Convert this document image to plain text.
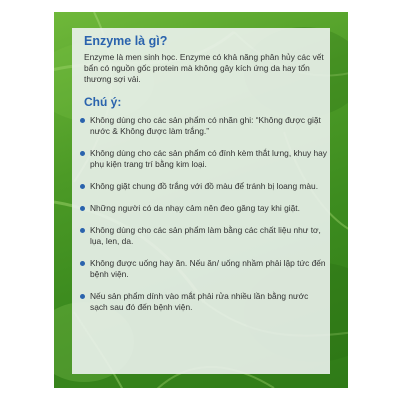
Enzyme là gì?
Enzyme là men sinh học. Enzyme có khả năng phân hủy các vết bẩn có nguồn gốc protein mà không gây kích ứng da hay tổn thương sợi vải.
Chú ý:
Không dùng cho các sản phẩm có nhãn ghi: “Không được giặt nước & Không được làm trắng.”
Không dùng cho các sản phẩm có đính kèm thắt lưng, khuy hay phụ kiện trang trí bằng kim loại.
Không giặt chung đồ trắng với đồ màu để tránh bị loang màu.
Những người có da nhạy cảm nên đeo găng tay khi giặt.
Không dùng cho các sản phẩm làm bằng các chất liệu như tơ, lụa, len, da.
Không được uống hay ăn. Nếu ăn/ uống nhầm phải lập tức đến bệnh viện.
Nếu sản phẩm dính vào mắt phải rửa nhiều lần bằng nước sạch sau đó đến bệnh viện.
